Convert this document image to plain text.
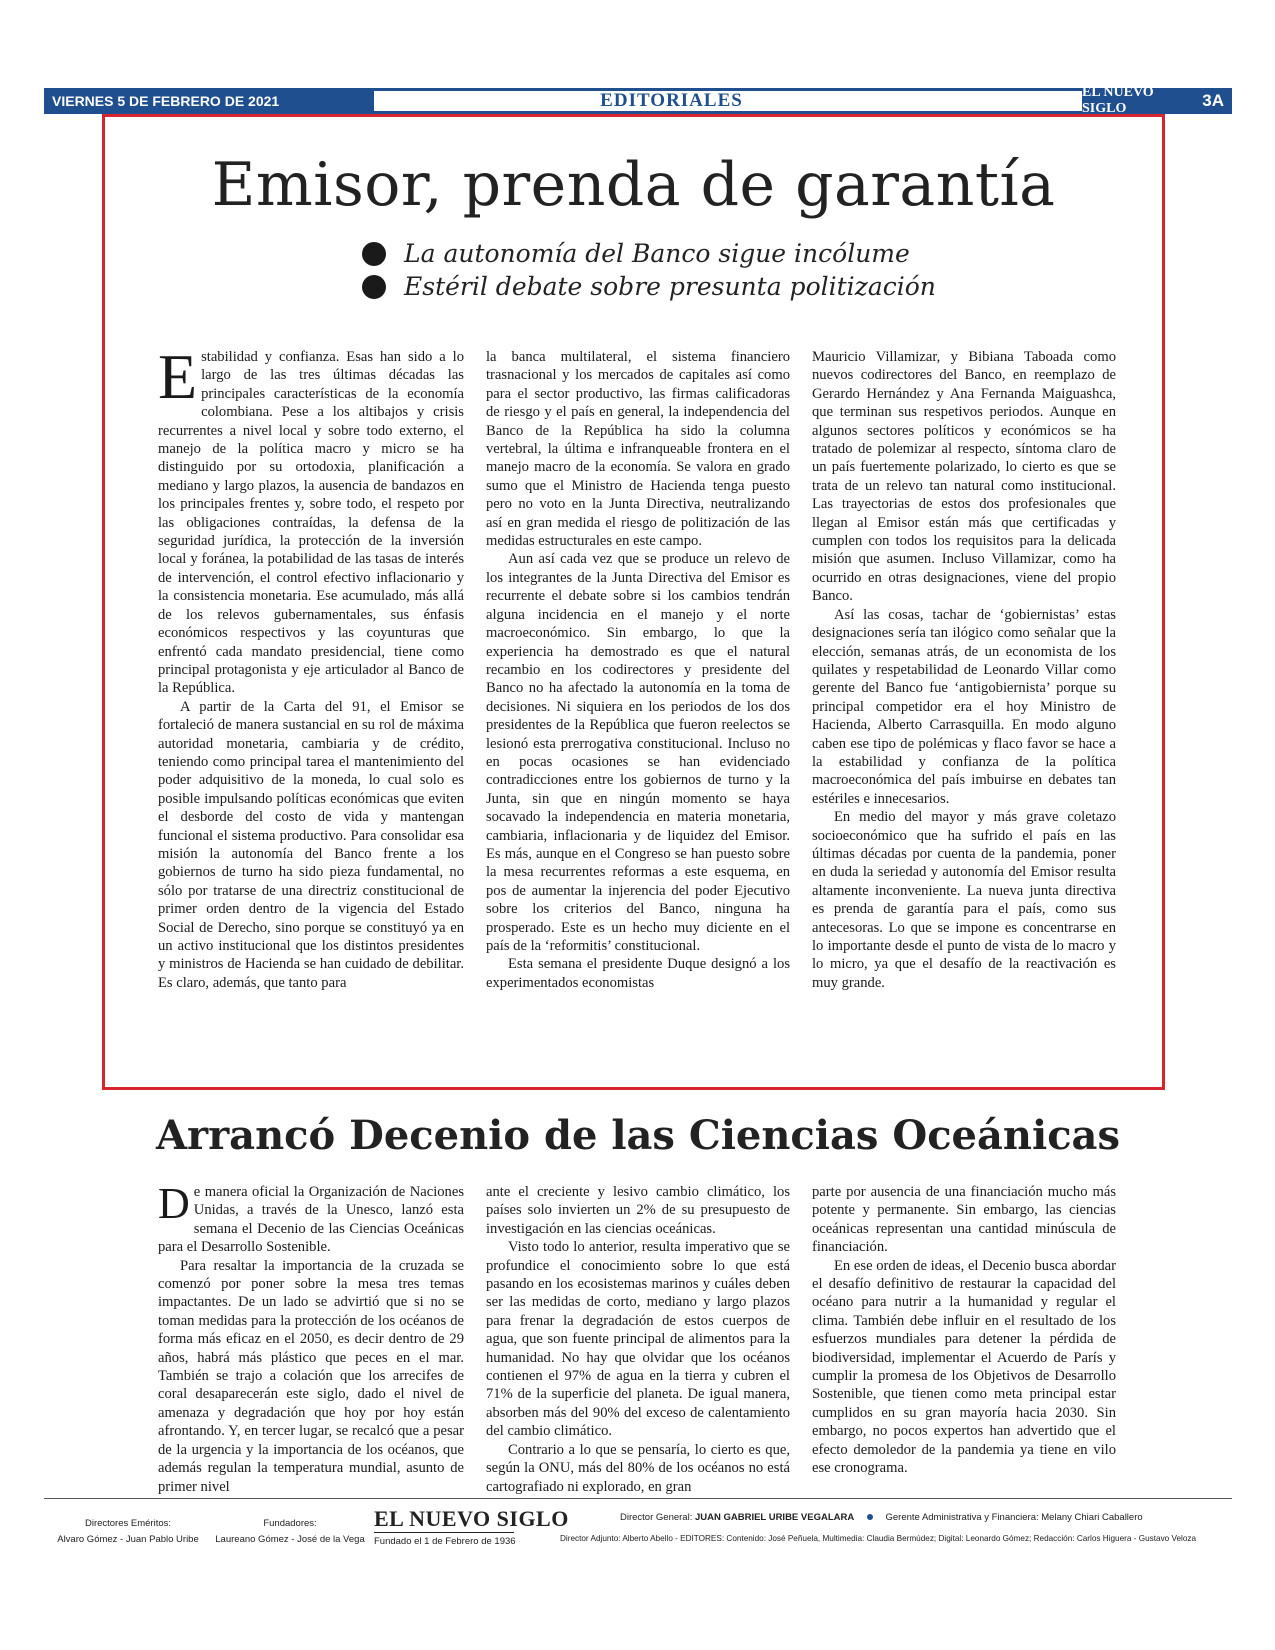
VIERNES 5 DE FEBRERO DE 2021	EDITORIALES	EL NUEVO SIGLO	3A
Emisor, prenda de garantía
La autonomía del Banco sigue incólume
Estéril debate sobre presunta politización

Estabilidad y confianza. Esas han sido a lo largo de las tres últimas décadas las principales características de la economía colombiana. Pese a los altibajos y crisis recurrentes a nivel local y sobre todo externo, el manejo de la política macro y micro se ha distinguido por su ortodoxia, planificación a mediano y largo plazos, la ausencia de bandazos en los principales frentes y, sobre todo, el respeto por las obligaciones contraídas, la defensa de la seguridad jurídica, la protección de la inversión local y foránea, la potabilidad de las tasas de interés de intervención, el control efectivo inflacionario y la consistencia monetaria. Ese acumulado, más allá de los relevos gubernamentales, sus énfasis económicos respectivos y las coyunturas que enfrentó cada mandato presidencial, tiene como principal protagonista y eje articulador al Banco de la República.

A partir de la Carta del 91, el Emisor se fortaleció de manera sustancial en su rol de máxima autoridad monetaria, cambiaria y de crédito, teniendo como principal tarea el mantenimiento del poder adquisitivo de la moneda, lo cual solo es posible impulsando políticas económicas que eviten el desborde del costo de vida y mantengan funcional el sistema productivo. Para consolidar esa misión la autonomía del Banco frente a los gobiernos de turno ha sido pieza fundamental, no sólo por tratarse de una directriz constitucional de primer orden dentro de la vigencia del Estado Social de Derecho, sino porque se constituyó ya en un activo institucional que los distintos presidentes y ministros de Hacienda se han cuidado de debilitar. Es claro, además, que tanto para

la banca multilateral, el sistema financiero trasnacional y los mercados de capitales así como para el sector productivo, las firmas calificadoras de riesgo y el país en general, la independencia del Banco de la República ha sido la columna vertebral, la última e infranqueable frontera en el manejo macro de la economía. Se valora en grado sumo que el Ministro de Hacienda tenga puesto pero no voto en la Junta Directiva, neutralizando así en gran medida el riesgo de politización de las medidas estructurales en este campo.

Aun así cada vez que se produce un relevo de los integrantes de la Junta Directiva del Emisor es recurrente el debate sobre si los cambios tendrán alguna incidencia en el manejo y el norte macroeconómico. Sin embargo, lo que la experiencia ha demostrado es que el natural recambio en los codirectores y presidente del Banco no ha afectado la autonomía en la toma de decisiones. Ni siquiera en los periodos de los dos presidentes de la República que fueron reelectos se lesionó esta prerrogativa constitucional. Incluso no en pocas ocasiones se han evidenciado contradicciones entre los gobiernos de turno y la Junta, sin que en ningún momento se haya socavado la independencia en materia monetaria, cambiaria, inflacionaria y de liquidez del Emisor. Es más, aunque en el Congreso se han puesto sobre la mesa recurrentes reformas a este esquema, en pos de aumentar la injerencia del poder Ejecutivo sobre los criterios del Banco, ninguna ha prosperado. Este es un hecho muy diciente en el país de la ‘reformitis’ constitucional.

Esta semana el presidente Duque designó a los experimentados economistas

Mauricio Villamizar, y Bibiana Taboada como nuevos codirectores del Banco, en reemplazo de Gerardo Hernández y Ana Fernanda Maiguashca, que terminan sus respetivos periodos. Aunque en algunos sectores políticos y económicos se ha tratado de polemizar al respecto, síntoma claro de un país fuertemente polarizado, lo cierto es que se trata de un relevo tan natural como institucional. Las trayectorias de estos dos profesionales que llegan al Emisor están más que certificadas y cumplen con todos los requisitos para la delicada misión que asumen. Incluso Villamizar, como ha ocurrido en otras designaciones, viene del propio Banco.

Así las cosas, tachar de ‘gobiernistas’ estas designaciones sería tan ilógico como señalar que la elección, semanas atrás, de un economista de los quilates y respetabilidad de Leonardo Villar como gerente del Banco fue ‘antigobiernista’ porque su principal competidor era el hoy Ministro de Hacienda, Alberto Carrasquilla. En modo alguno caben ese tipo de polémicas y flaco favor se hace a la estabilidad y confianza de la política macroeconómica del país imbuirse en debates tan estériles e innecesarios.

En medio del mayor y más grave coletazo socioeconómico que ha sufrido el país en las últimas décadas por cuenta de la pandemia, poner en duda la seriedad y autonomía del Emisor resulta altamente inconveniente. La nueva junta directiva es prenda de garantía para el país, como sus antecesoras. Lo que se impone es concentrarse en lo importante desde el punto de vista de lo macro y lo micro, ya que el desafío de la reactivación es muy grande.

Arrancó Decenio de las Ciencias Oceánicas

De manera oficial la Organización de Naciones Unidas, a través de la Unesco, lanzó esta semana el Decenio de las Ciencias Oceánicas para el Desarrollo Sostenible.

Para resaltar la importancia de la cruzada se comenzó por poner sobre la mesa tres temas impactantes. De un lado se advirtió que si no se toman medidas para la protección de los océanos de forma más eficaz en el 2050, es decir dentro de 29 años, habrá más plástico que peces en el mar. También se trajo a colación que los arrecifes de coral desaparecerán este siglo, dado el nivel de amenaza y degradación que hoy por hoy están afrontando. Y, en tercer lugar, se recalcó que a pesar de la urgencia y la importancia de los océanos, que además regulan la temperatura mundial, asunto de primer nivel

ante el creciente y lesivo cambio climático, los países solo invierten un 2% de su presupuesto de investigación en las ciencias oceánicas.

Visto todo lo anterior, resulta imperativo que se profundice el conocimiento sobre lo que está pasando en los ecosistemas marinos y cuáles deben ser las medidas de corto, mediano y largo plazos para frenar la degradación de estos cuerpos de agua, que son fuente principal de alimentos para la humanidad. No hay que olvidar que los océanos contienen el 97% de agua en la tierra y cubren el 71% de la superficie del planeta. De igual manera, absorben más del 90% del exceso de calentamiento del cambio climático.

Contrario a lo que se pensaría, lo cierto es que, según la ONU, más del 80% de los océanos no está cartografiado ni explorado, en gran

parte por ausencia de una financiación mucho más potente y permanente. Sin embargo, las ciencias oceánicas representan una cantidad minúscula de financiación.

En ese orden de ideas, el Decenio busca abordar el desafío definitivo de restaurar la capacidad del océano para nutrir a la humanidad y regular el clima. También debe influir en el resultado de los esfuerzos mundiales para detener la pérdida de biodiversidad, implementar el Acuerdo de París y cumplir la promesa de los Objetivos de Desarrollo Sostenible, que tienen como meta principal estar cumplidos en su gran mayoría hacia 2030. Sin embargo, no pocos expertos han advertido que el efecto demoledor de la pandemia ya tiene en vilo ese cronograma.

Directores Eméritos:
Alvaro Gómez - Juan Pablo Uribe
Fundadores:
Laureano Gómez - José de la Vega
EL NUEVO SIGLO
Fundado el 1 de Febrero de 1936
Director General: JUAN GABRIEL URIBE VEGALARA	Gerente Administrativa y Financiera: Melany Chiari Caballero
Director Adjunto: Alberto Abello - EDITORES: Contenido: José Peñuela, Multimedia: Claudia Bermúdez; Digital: Leonardo Gómez; Redacción: Carlos Higuera - Gustavo Veloza
